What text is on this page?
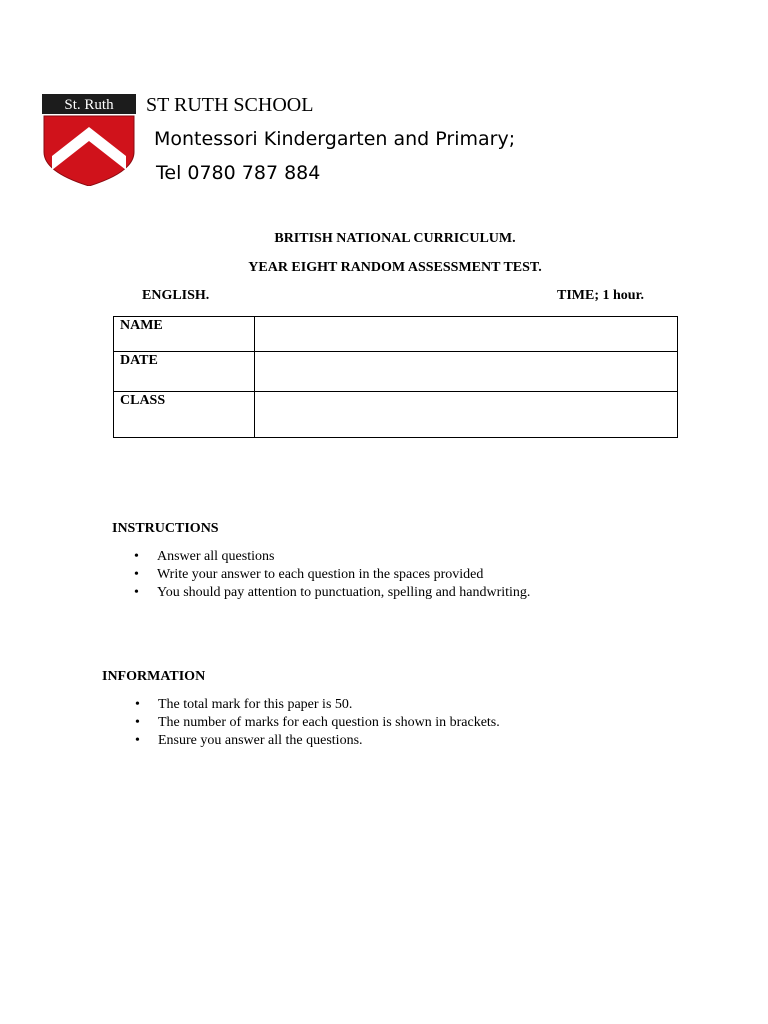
St. Ruth ST RUTH SCHOOL
Montessori Kindergarten and Primary;
Tel 0780 787 884
BRITISH NATIONAL CURRICULUM.
YEAR EIGHT RANDOM ASSESSMENT TEST.
ENGLISH.	TIME; 1 hour.
NAME	
DATE	
CLASS	
INSTRUCTIONS
• Answer all questions
• Write your answer to each question in the spaces provided
• You should pay attention to punctuation, spelling and handwriting.
INFORMATION
• The total mark for this paper is 50.
• The number of marks for each question is shown in brackets.
• Ensure you answer all the questions.
